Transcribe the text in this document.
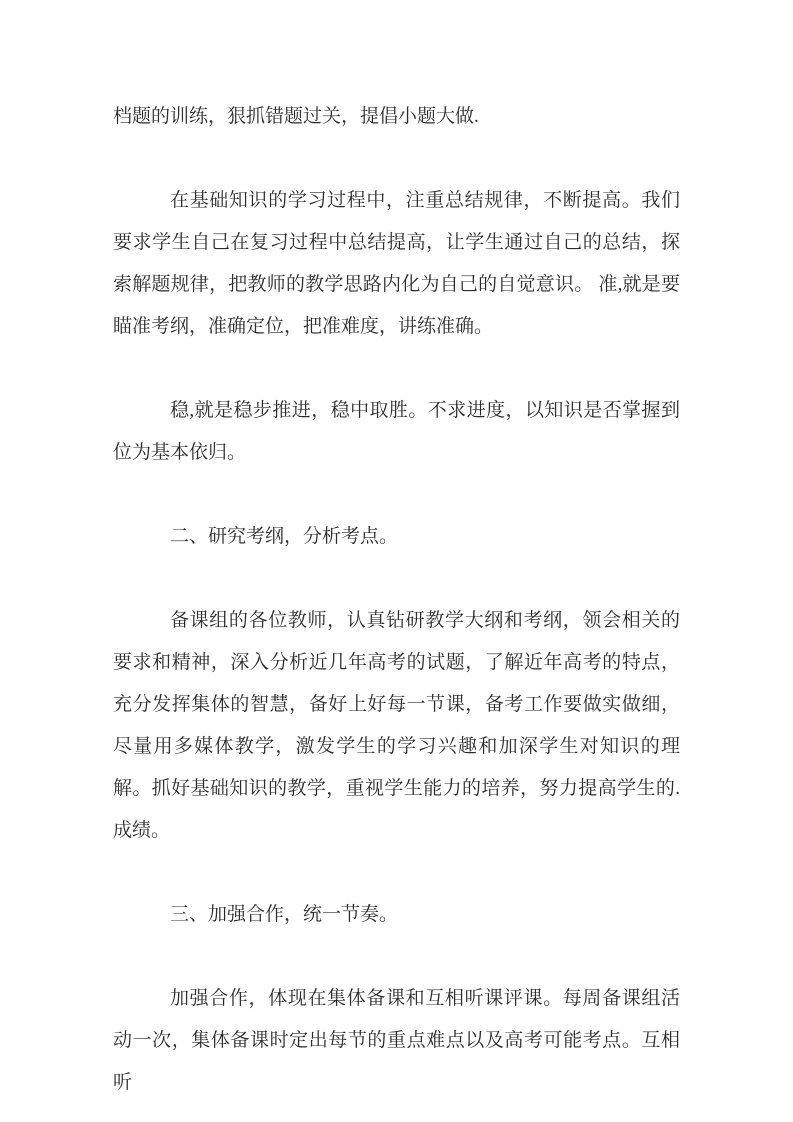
档题的训练，狠抓错题过关，提倡小题大做.

在基础知识的学习过程中，注重总结规律，不断提高。我们要求学生自己在复习过程中总结提高，让学生通过自己的总结，探索解题规律，把教师的教学思路内化为自己的自觉意识。 准,就是要瞄准考纲，准确定位，把准难度，讲练准确。

稳,就是稳步推进，稳中取胜。不求进度，以知识是否掌握到位为基本依归。

二、研究考纲，分析考点。

备课组的各位教师，认真钻研教学大纲和考纲，领会相关的要求和精神，深入分析近几年高考的试题，了解近年高考的特点，充分发挥集体的智慧，备好上好每一节课，备考工作要做实做细，尽量用多媒体教学，激发学生的学习兴趣和加深学生对知识的理解。抓好基础知识的教学，重视学生能力的培养，努力提高学生的.成绩。

三、加强合作，统一节奏。

加强合作，体现在集体备课和互相听课评课。每周备课组活动一次，集体备课时定出每节的重点难点以及高考可能考点。互相听
